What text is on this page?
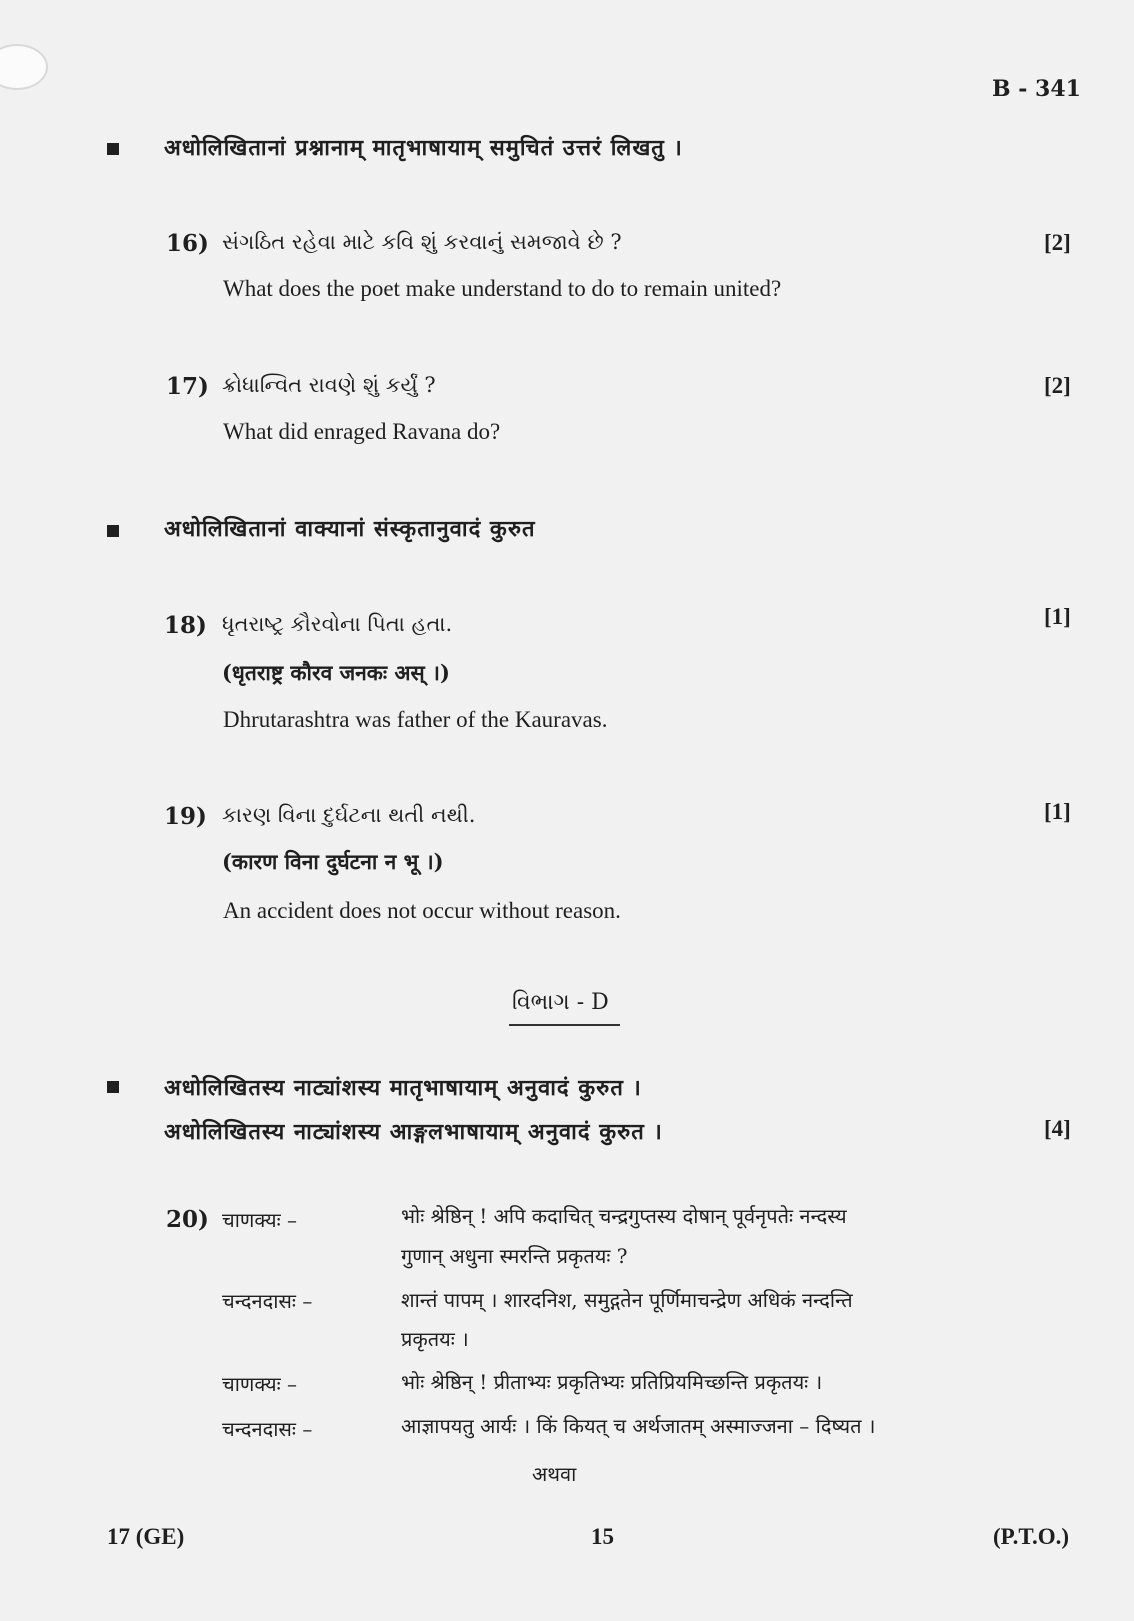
B - 341
अधोलिखितानां प्रश्नानाम् मातृभाषायाम् समुचितं उत्तरं लिखतु ।
16) સંગઠિત રહેવા માટે કવિ શું કરવાનું સમજાવે છે ?	[2]
What does the poet make understand to do to remain united?
17) ક્રોધાન્વિત રાવણે શું કર્યું ?	[2]
What did enraged Ravana do?
अधोलिखितानां वाक्यानां संस्कृतानुवादं कुरुत
18) ધૃતરાષ્ટ્ર કૌરવોના પિતા હતા.	[1]
(धृतराष्ट्र कौरव जनकः अस् ।)
Dhrutarashtra was father of the Kauravas.
19) કારણ વિના દુર્ઘટના થતી નથી.	[1]
(कारण विना दुर्घटना न भू ।)
An accident does not occur without reason.
વિભાગ - D
अधोलिखितस्य नाट्यांशस्य मातृभाषायाम् अनुवादं कुरुत ।
अधोलिखितस्य नाट्यांशस्य आङ्गलभाषायाम् अनुवादं कुरुत ।	[4]
20) चाणक्यः –	भोः श्रेष्ठिन् ! अपि कदाचित् चन्द्रगुप्तस्य दोषान् पूर्वनृपतेः नन्दस्य
गुणान् अधुना स्मरन्ति प्रकृतयः ?
चन्दनदासः –	शान्तं पापम् । शारदनिश, समुद्गतेन पूर्णिमाचन्द्रेण अधिकं नन्दन्ति
प्रकृतयः ।
चाणक्यः –	भोः श्रेष्ठिन् ! प्रीताभ्यः प्रकृतिभ्यः प्रतिप्रियमिच्छन्ति प्रकृतयः ।
चन्दनदासः –	आज्ञापयतु आर्यः । किं कियत् च अर्थजातम् अस्माज्जना – दिष्यत ।
अथवा
17 (GE)	15	(P.T.O.)
